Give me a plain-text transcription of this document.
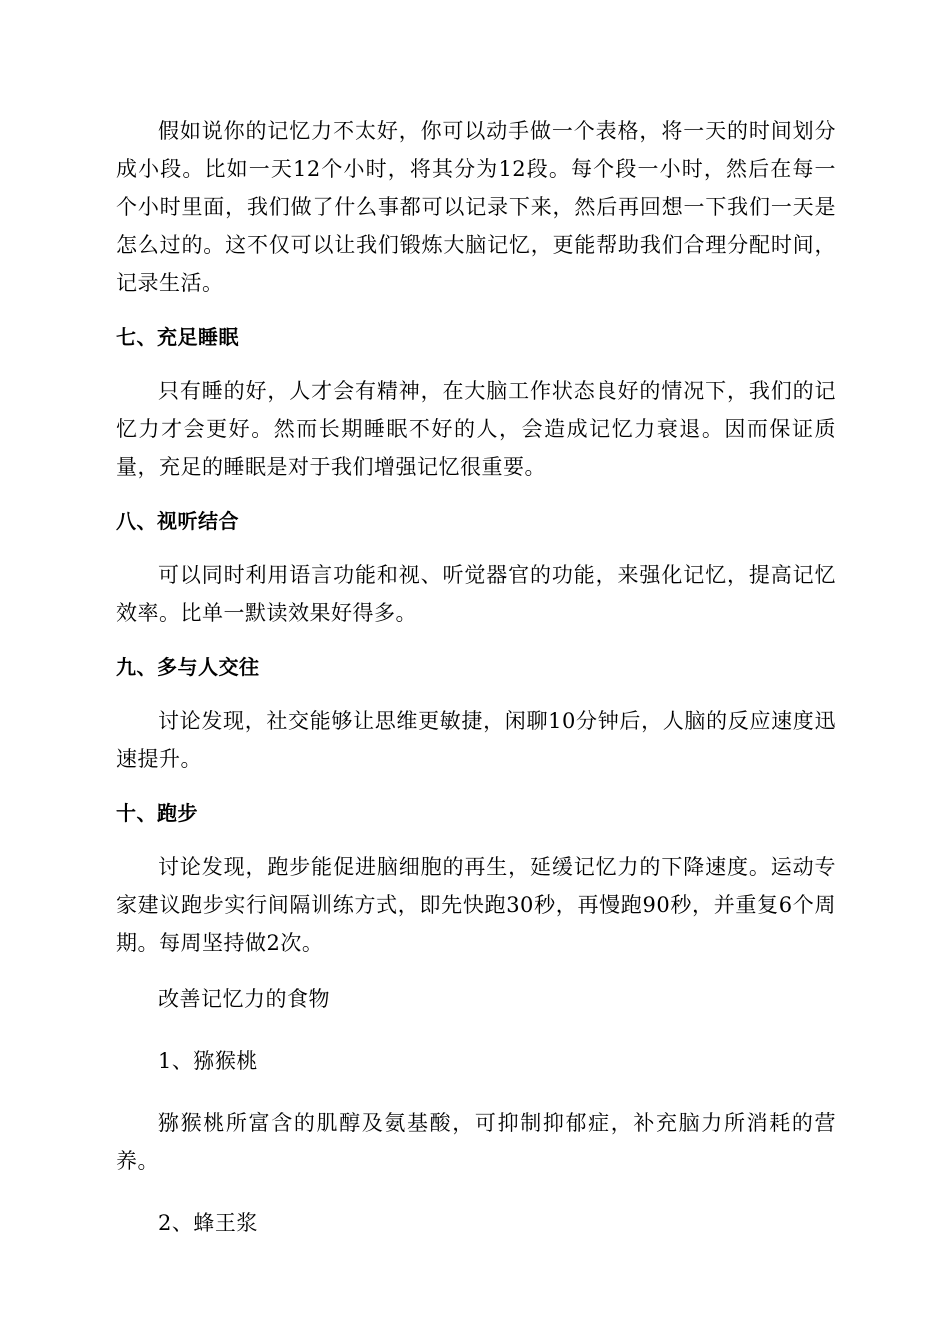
假如说你的记忆力不太好，你可以动手做一个表格，将一天的时间划分成小段。比如一天12个小时，将其分为12段。每个段一小时，然后在每一个小时里面，我们做了什么事都可以记录下来，然后再回想一下我们一天是怎么过的。这不仅可以让我们锻炼大脑记忆，更能帮助我们合理分配时间，记录生活。

七、充足睡眠

只有睡的好，人才会有精神，在大脑工作状态良好的情况下，我们的记忆力才会更好。然而长期睡眠不好的人，会造成记忆力衰退。因而保证质量，充足的睡眠是对于我们增强记忆很重要。

八、视听结合

可以同时利用语言功能和视、听觉器官的功能，来强化记忆，提高记忆效率。比单一默读效果好得多。

九、多与人交往

讨论发现，社交能够让思维更敏捷，闲聊10分钟后，人脑的反应速度迅速提升。

十、跑步

讨论发现，跑步能促进脑细胞的再生，延缓记忆力的下降速度。运动专家建议跑步实行间隔训练方式，即先快跑30秒，再慢跑90秒，并重复6个周期。每周坚持做2次。

改善记忆力的食物

1、猕猴桃

猕猴桃所富含的肌醇及氨基酸，可抑制抑郁症，补充脑力所消耗的营养。

2、蜂王浆
